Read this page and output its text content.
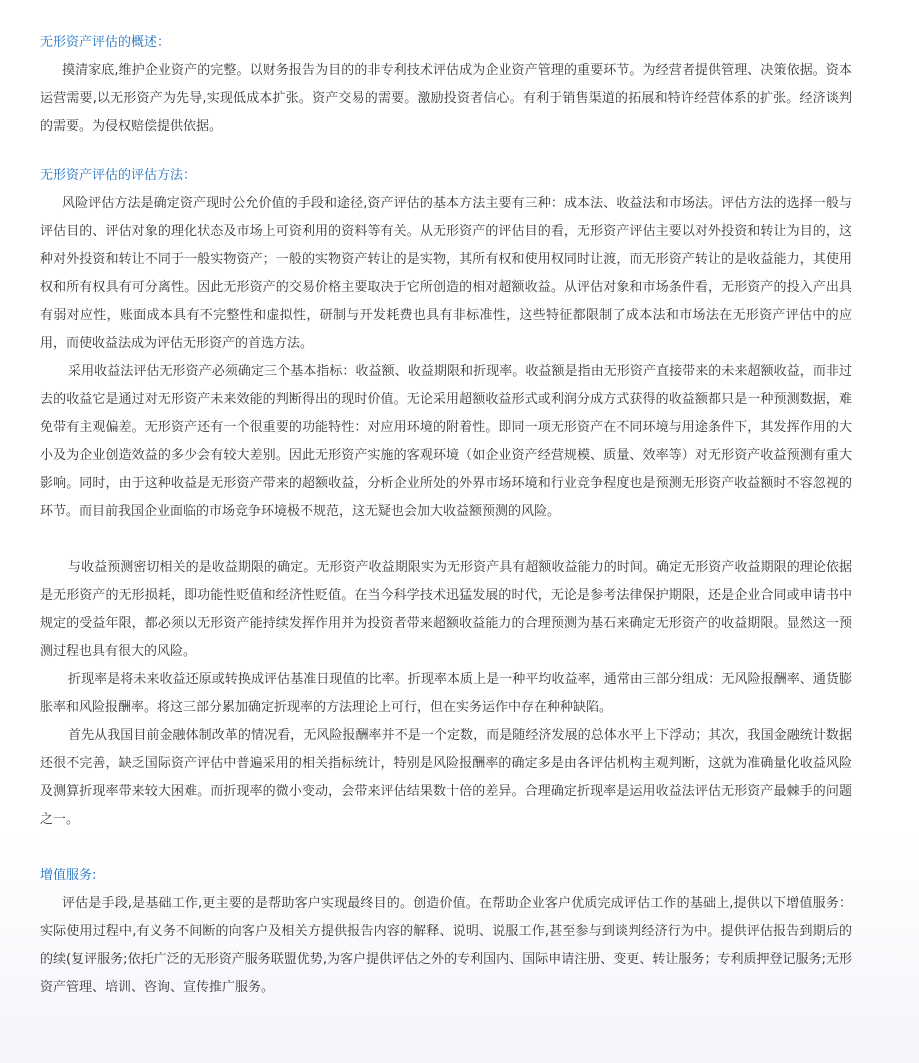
无形资产评估的概述：

摸清家底,维护企业资产的完整。以财务报告为目的的非专利技术评估成为企业资产管理的重要环节。为经营者提供管理、决策依据。资本运营需要,以无形资产为先导,实现低成本扩张。资产交易的需要。激励投资者信心。有利于销售渠道的拓展和特许经营体系的扩张。经济谈判的需要。为侵权赔偿提供依据。

无形资产评估的评估方法：

风险评估方法是确定资产现时公允价值的手段和途径,资产评估的基本方法主要有三种：成本法、收益法和市场法。评估方法的选择一般与评估目的、评估对象的理化状态及市场上可资利用的资料等有关。从无形资产的评估目的看，无形资产评估主要以对外投资和转让为目的，这种对外投资和转让不同于一般实物资产；一般的实物资产转让的是实物，其所有权和使用权同时让渡，而无形资产转让的是收益能力，其使用权和所有权具有可分离性。因此无形资产的交易价格主要取决于它所创造的相对超额收益。从评估对象和市场条件看，无形资产的投入产出具有弱对应性，账面成本具有不完整性和虚拟性，研制与开发耗费也具有非标准性，这些特征都限制了成本法和市场法在无形资产评估中的应用，而使收益法成为评估无形资产的首选方法。

采用收益法评估无形资产必须确定三个基本指标：收益额、收益期限和折现率。收益额是指由无形资产直接带来的未来超额收益，而非过去的收益它是通过对无形资产未来效能的判断得出的现时价值。无论采用超额收益形式或利润分成方式获得的收益额都只是一种预测数据，难免带有主观偏差。无形资产还有一个很重要的功能特性：对应用环境的附着性。即同一项无形资产在不同环境与用途条件下，其发挥作用的大小及为企业创造效益的多少会有较大差别。因此无形资产实施的客观环境（如企业资产经营规模、质量、效率等）对无形资产收益预测有重大影响。同时，由于这种收益是无形资产带来的超额收益，分析企业所处的外界市场环境和行业竞争程度也是预测无形资产收益额时不容忽视的环节。而目前我国企业面临的市场竞争环境极不规范，这无疑也会加大收益额预测的风险。

与收益预测密切相关的是收益期限的确定。无形资产收益期限实为无形资产具有超额收益能力的时间。确定无形资产收益期限的理论依据是无形资产的无形损耗，即功能性贬值和经济性贬值。在当今科学技术迅猛发展的时代，无论是参考法律保护期限，还是企业合同或申请书中规定的受益年限，都必须以无形资产能持续发挥作用并为投资者带来超额收益能力的合理预测为基石来确定无形资产的收益期限。显然这一预测过程也具有很大的风险。

折现率是将未来收益还原或转换成评估基准日现值的比率。折现率本质上是一种平均收益率，通常由三部分组成：无风险报酬率、通货膨胀率和风险报酬率。将这三部分累加确定折现率的方法理论上可行，但在实务运作中存在种种缺陷。

首先从我国目前金融体制改革的情况看，无风险报酬率并不是一个定数，而是随经济发展的总体水平上下浮动；其次，我国金融统计数据还很不完善，缺乏国际资产评估中普遍采用的相关指标统计，特别是风险报酬率的确定多是由各评估机构主观判断，这就为准确量化收益风险及测算折现率带来较大困难。而折现率的微小变动，会带来评估结果数十倍的差异。合理确定折现率是运用收益法评估无形资产最棘手的问题之一。

增值服务:

评估是手段,是基础工作,更主要的是帮助客户实现最终目的。创造价值。在帮助企业客户优质完成评估工作的基础上,提供以下增值服务：实际使用过程中,有义务不间断的向客户及相关方提供报告内容的解释、说明、说服工作,甚至参与到谈判经济行为中。提供评估报告到期后的的续(复评服务;依托广泛的无形资产服务联盟优势,为客户提供评估之外的专利国内、国际申请注册、变更、转让服务；专利质押登记服务;无形资产管理、培训、咨询、宣传推广服务。
